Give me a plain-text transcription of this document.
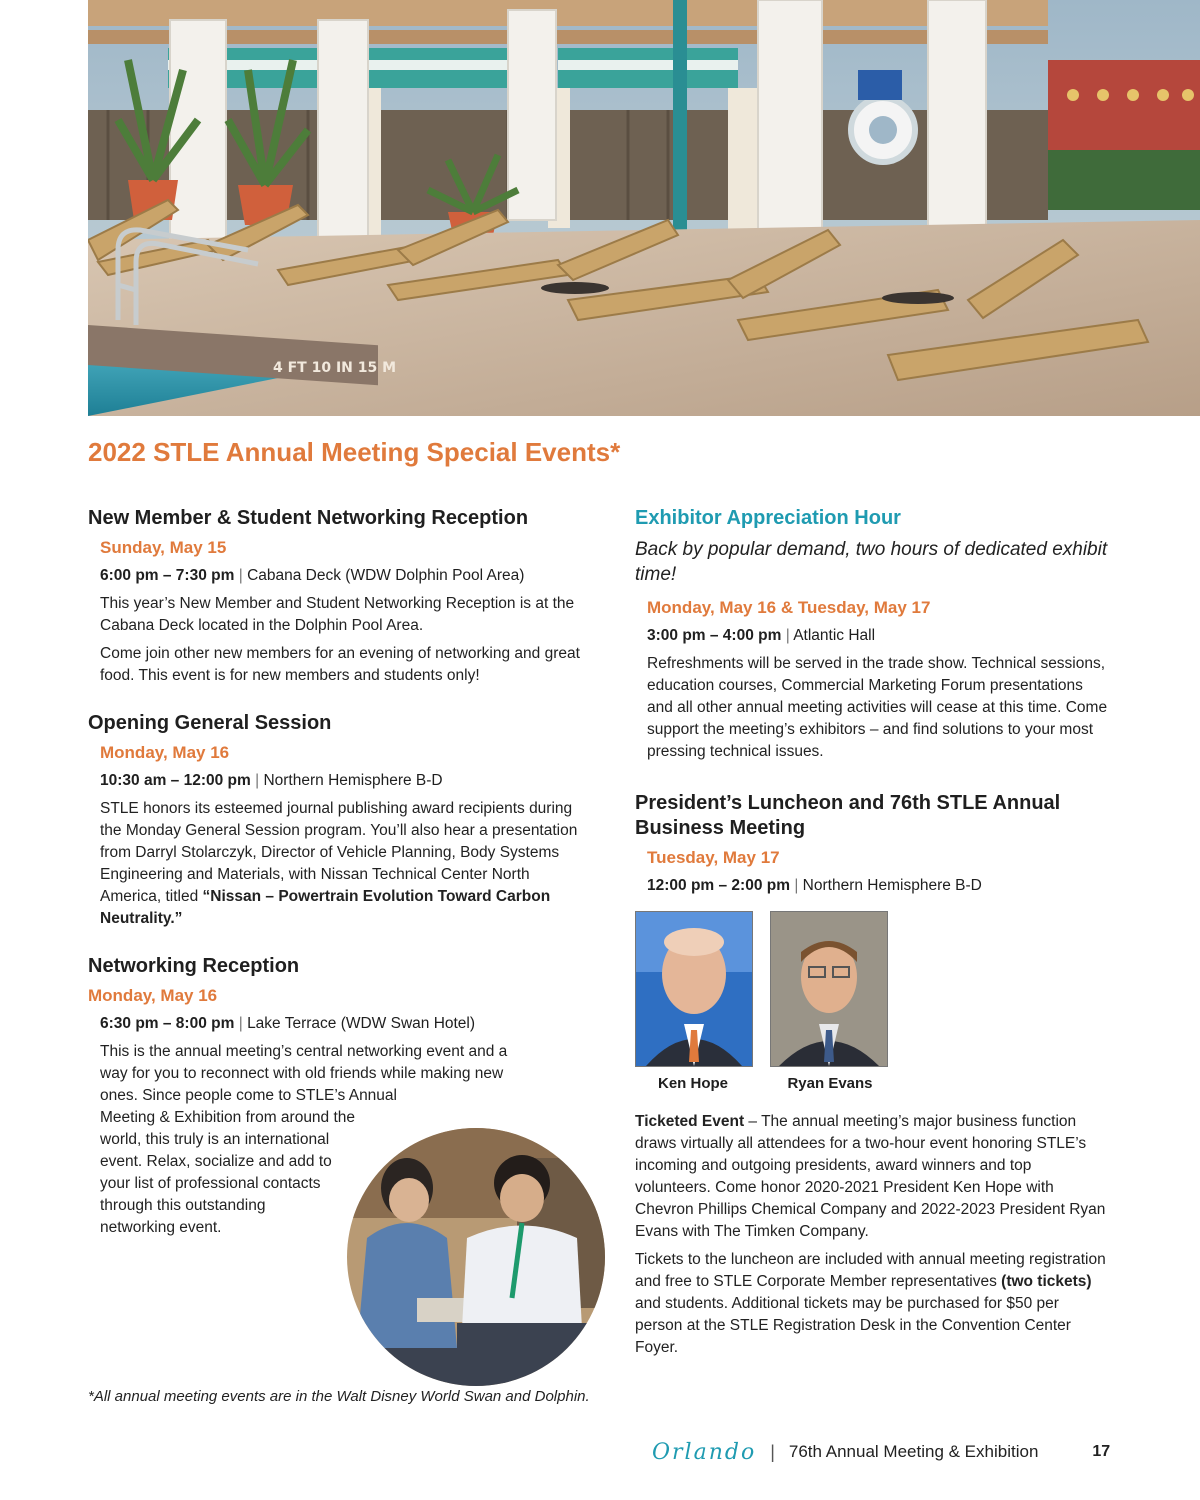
4 FT 10 IN 15 M
2022 STLE Annual Meeting Special Events*
New Member & Student Networking Reception
Sunday, May 15
6:00 pm – 7:30 pm | Cabana Deck (WDW Dolphin Pool Area)

This year’s New Member and Student Networking Reception is at the Cabana Deck located in the Dolphin Pool Area.

Come join other new members for an evening of networking and great food. This event is for new members and students only!

Opening General Session
Monday, May 16
10:30 am – 12:00 pm | Northern Hemisphere B-D

STLE honors its esteemed journal publishing award recipients during the Monday General Session program. You’ll also hear a presentation from Darryl Stolarczyk, Director of Vehicle Planning, Body Systems Engineering and Materials, with Nissan Technical Center North America, titled “Nissan – Powertrain Evolution Toward Carbon Neutrality.”

Networking Reception
Monday, May 16
6:30 pm – 8:00 pm | Lake Terrace (WDW Swan Hotel)

This is the annual meeting’s central networking event and a
way for you to reconnect with old friends while making new
ones. Since people come to STLE’s Annual
Meeting & Exhibition from around the
world, this truly is an international
event. Relax, socialize and add to
your list of professional contacts
through this outstanding
networking event.

Exhibitor Appreciation Hour
Back by popular demand, two hours of dedicated exhibit time!
Monday, May 16 & Tuesday, May 17
3:00 pm – 4:00 pm | Atlantic Hall

Refreshments will be served in the trade show. Technical sessions, education courses, Commercial Marketing Forum presentations and all other annual meeting activities will cease at this time. Come support the meeting’s exhibitors – and find solutions to your most pressing technical issues.

President’s Luncheon and 76th STLE Annual Business Meeting
Tuesday, May 17
12:00 pm – 2:00 pm | Northern Hemisphere B-D
Ken Hope	Ryan Evans

Ticketed Event – The annual meeting’s major business function draws virtually all attendees for a two-hour event honoring STLE’s incoming and outgoing presidents, award winners and top volunteers. Come honor 2020-2021 President Ken Hope with Chevron Phillips Chemical Company and 2022-2023 President Ryan Evans with The Timken Company.

Tickets to the luncheon are included with annual meeting registration and free to STLE Corporate Member representatives (two tickets) and students. Additional tickets may be purchased for $50 per person at the STLE Registration Desk in the Convention Center Foyer.

*All annual meeting events are in the Walt Disney World Swan and Dolphin.
Orlando | 76th Annual Meeting & Exhibition	17
